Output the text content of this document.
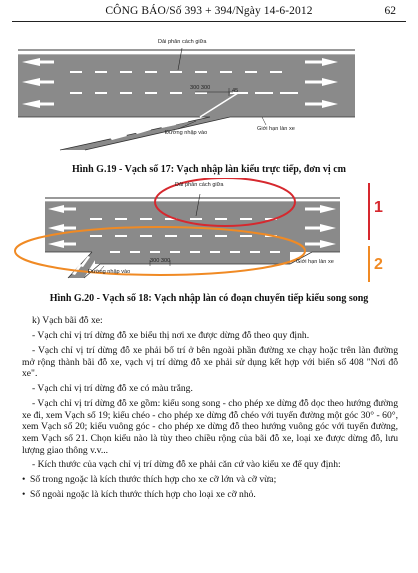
CÔNG BÁO/Số 393 + 394/Ngày 14-6-2012	62
Dải phân cách giữa
300 300	45
Đường nhập vào
Giới hạn làn xe
Hình G.19 - Vạch số 17: Vạch nhập làn kiểu trực tiếp, đơn vị cm
Dải phân cách giữa
300 300
Đường nhập vào
Giới hạn làn xe
1
2
Hình G.20 - Vạch số 18: Vạch nhập làn có đoạn chuyển tiếp kiểu song song

k) Vạch bãi đỗ xe:

- Vạch chỉ vị trí dừng đỗ xe biểu thị nơi xe được dừng đỗ theo quy định.

- Vạch chỉ vị trí dừng đỗ xe phải bố trí ở bên ngoài phần đường xe chạy hoặc trên làn đường mở rộng thành bãi đỗ xe, vạch vị trí dừng đỗ xe phải sử dụng kết hợp với biển số 408 "Nơi đỗ xe".

- Vạch chỉ vị trí dừng đỗ xe có màu trắng.

- Vạch chỉ vị trí dừng đỗ xe gồm: kiểu song song - cho phép xe dừng đỗ dọc theo hướng đường xe đi, xem Vạch số 19; kiểu chéo - cho phép xe dừng đỗ chéo với tuyến đường một góc 30° - 60°, xem Vạch số 20; kiểu vuông góc - cho phép xe dừng đỗ theo hướng vuông góc với tuyến đường, xem Vạch số 21. Chọn kiểu nào là tùy theo chiều rộng của bãi đỗ xe, loại xe được dừng đỗ, lưu lượng giao thông v.v...

- Kích thước của vạch chỉ vị trí dừng đỗ xe phải căn cứ vào kiểu xe để quy định:

• Số trong ngoặc là kích thước thích hợp cho xe cỡ lớn và cỡ vừa;

• Số ngoài ngoặc là kích thước thích hợp cho loại xe cỡ nhỏ.
